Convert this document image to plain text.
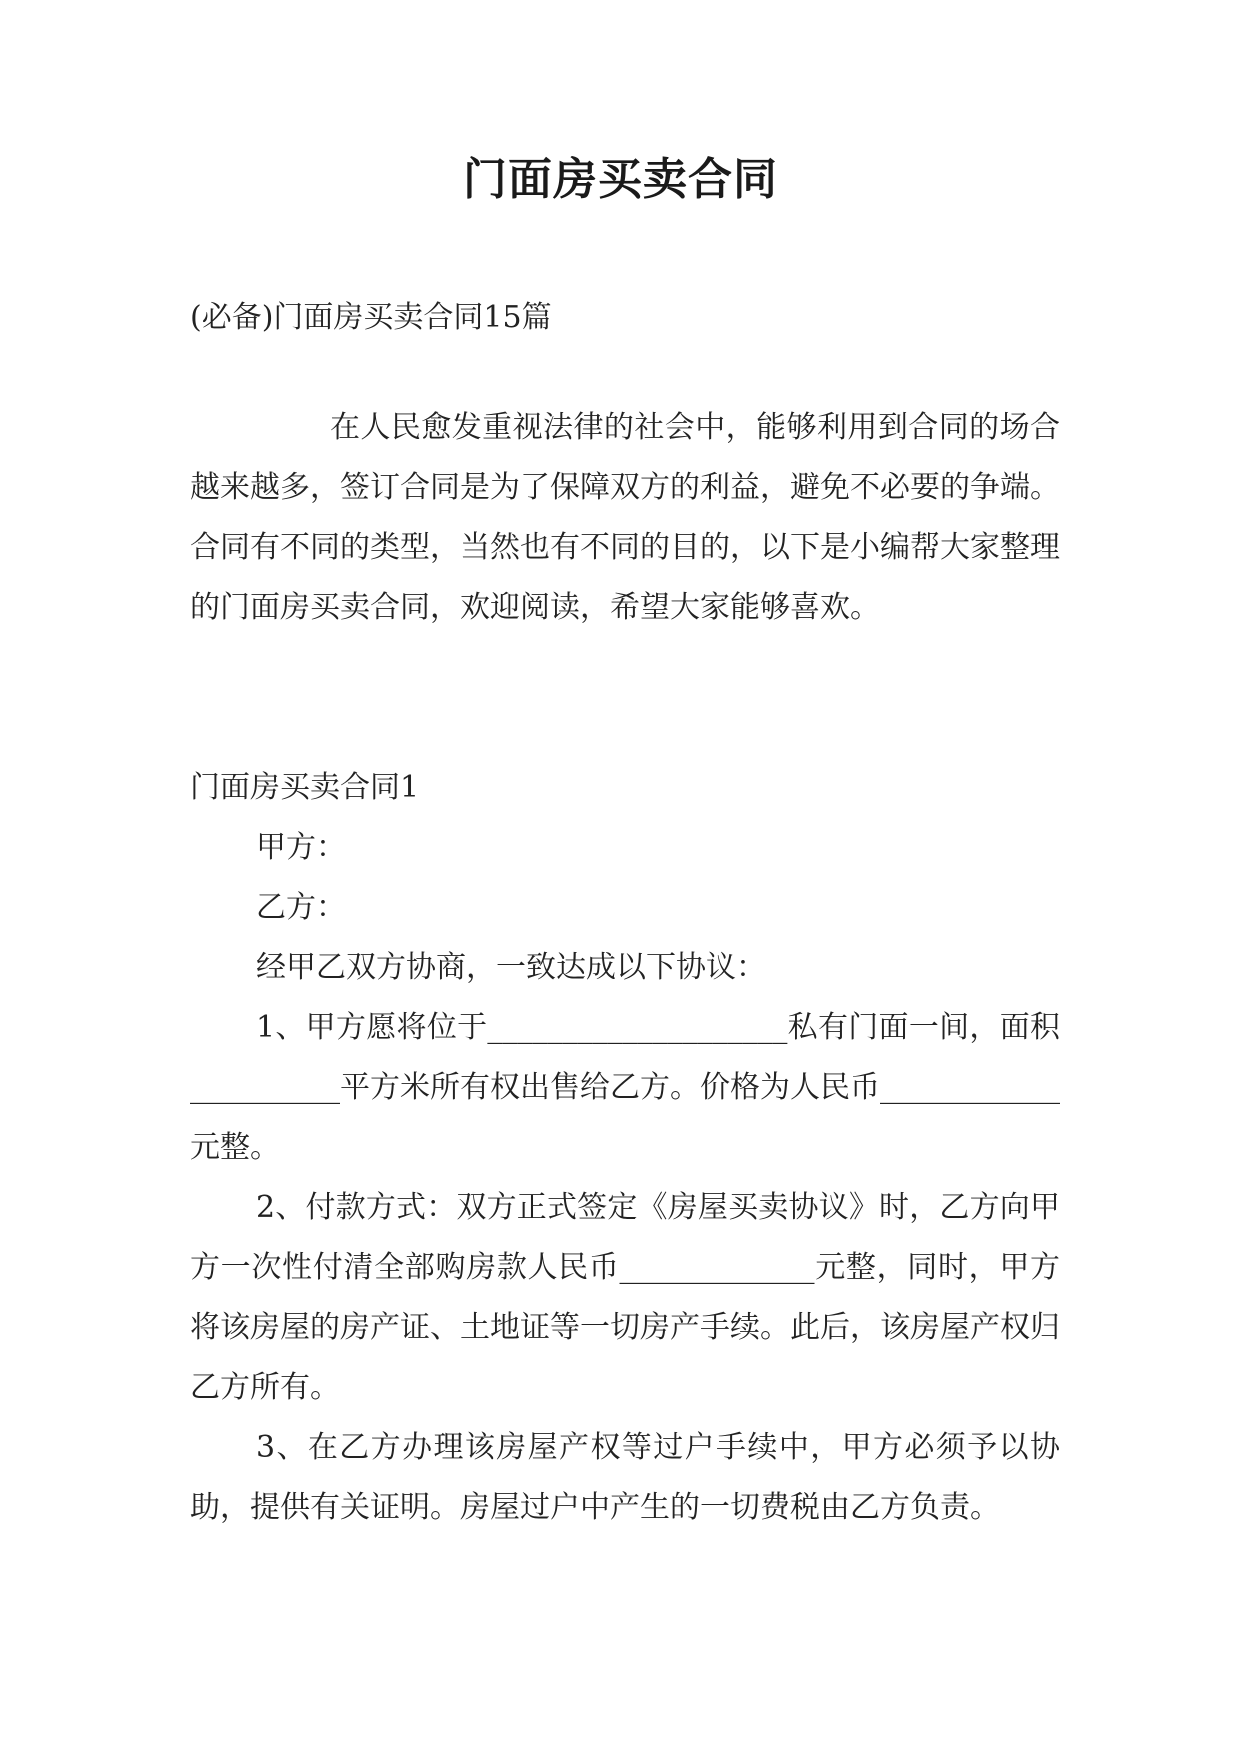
门面房买卖合同
(必备)门面房买卖合同15篇
在人民愈发重视法律的社会中，能够利用到合同的场合越来越多，签订合同是为了保障双方的利益，避免不必要的争端。合同有不同的类型，当然也有不同的目的，以下是小编帮大家整理的门面房买卖合同，欢迎阅读，希望大家能够喜欢。
门面房买卖合同1
甲方：
乙方：
经甲乙双方协商，一致达成以下协议：
1、甲方愿将位于____________________私有门面一间，面积__________平方米所有权出售给乙方。价格为人民币____________元整。
2、付款方式：双方正式签定《房屋买卖协议》时，乙方向甲方一次性付清全部购房款人民币_____________元整，同时，甲方将该房屋的房产证、土地证等一切房产手续。此后，该房屋产权归乙方所有。
3、在乙方办理该房屋产权等过户手续中，甲方必须予以协助，提供有关证明。房屋过户中产生的一切费税由乙方负责。
